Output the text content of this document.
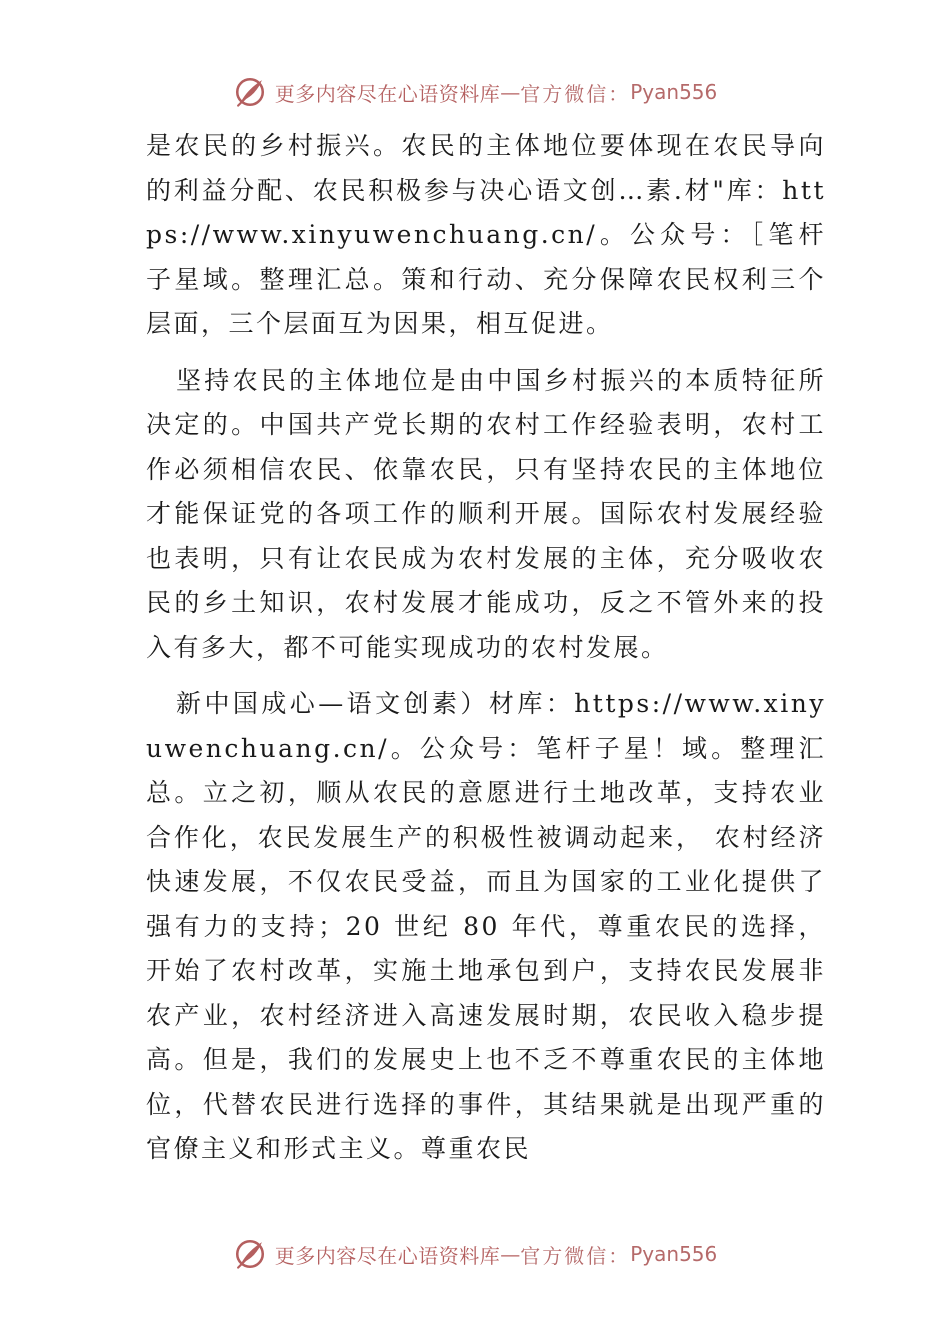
更多内容尽在心语资料库 — 官方微信： Pyan556

是农民的乡村振兴。农民的主体地位要体现在农民导向的利益分配、农民积极参与决心语文创…素.材"库：https://www.xinyuwenchuang.cn/。公众号：［笔杆子星域。整理汇总。策和行动、充分保障农民权利三个层面，三个层面互为因果，相互促进。

坚持农民的主体地位是由中国乡村振兴的本质特征所决定的。中国共产党长期的农村工作经验表明，农村工作必须相信农民、依靠农民，只有坚持农民的主体地位才能保证党的各项工作的顺利开展。国际农村发展经验也表明，只有让农民成为农村发展的主体，充分吸收农民的乡土知识，农村发展才能成功，反之不管外来的投入有多大，都不可能实现成功的农村发展。

新中国成心—语文创素）材库：https://www.xinyuwenchuang.cn/。公众号：笔杆子星！域。整理汇总。立之初，顺从农民的意愿进行土地改革，支持农业合作化，农民发展生产的积极性被调动起来， 农村经济快速发展，不仅农民受益，而且为国家的工业化提供了强有力的支持；20 世纪 80 年代，尊重农民的选择，开始了农村改革，实施土地承包到户，支持农民发展非农产业，农村经济进入高速发展时期，农民收入稳步提高。但是，我们的发展史上也不乏不尊重农民的主体地位，代替农民进行选择的事件，其结果就是出现严重的官僚主义和形式主义。尊重农民

更多内容尽在心语资料库 — 官方微信： Pyan556
